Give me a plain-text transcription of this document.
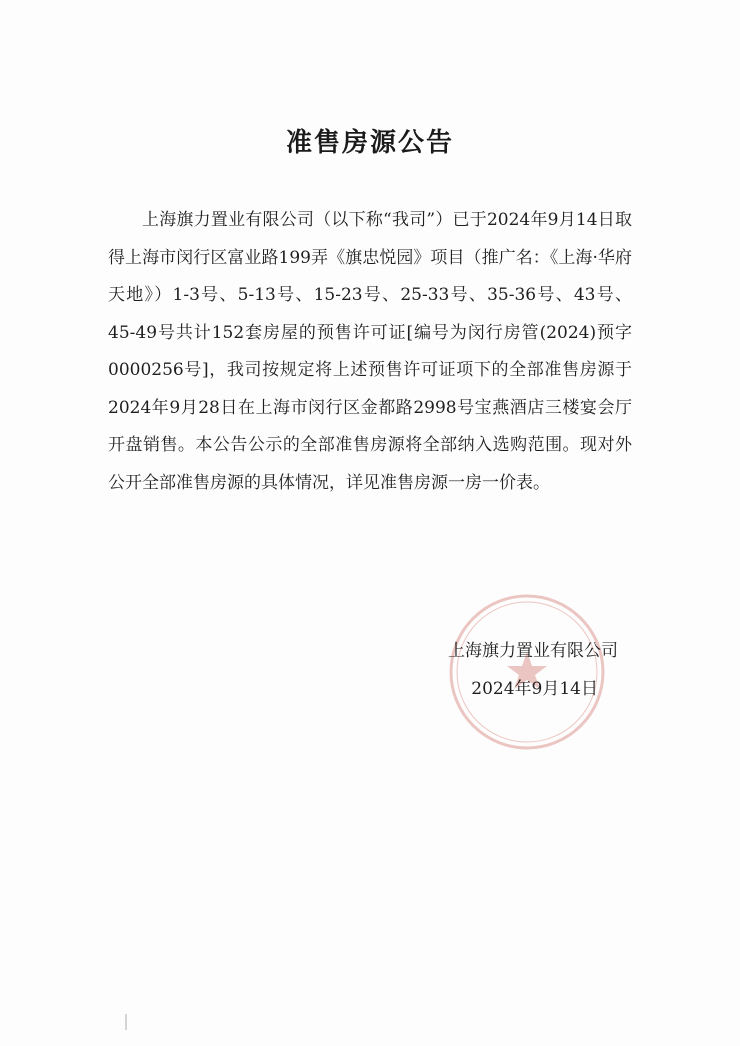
准售房源公告

上海旗力置业有限公司（以下称“我司”）已于2024年9月14日取得上海市闵行区富业路199弄《旗忠悦园》项目（推广名：《上海·华府天地》）1-3号、5-13号、15-23号、25-33号、35-36号、43号、45-49号共计152套房屋的预售许可证[编号为闵行房管(2024)预字0000256号]，我司按规定将上述预售许可证项下的全部准售房源于2024年9月28日在上海市闵行区金都路2998号宝燕酒店三楼宴会厅开盘销售。本公告公示的全部准售房源将全部纳入选购范围。现对外公开全部准售房源的具体情况，详见准售房源一房一价表。

上海旗力置业有限公司
2024年9月14日
